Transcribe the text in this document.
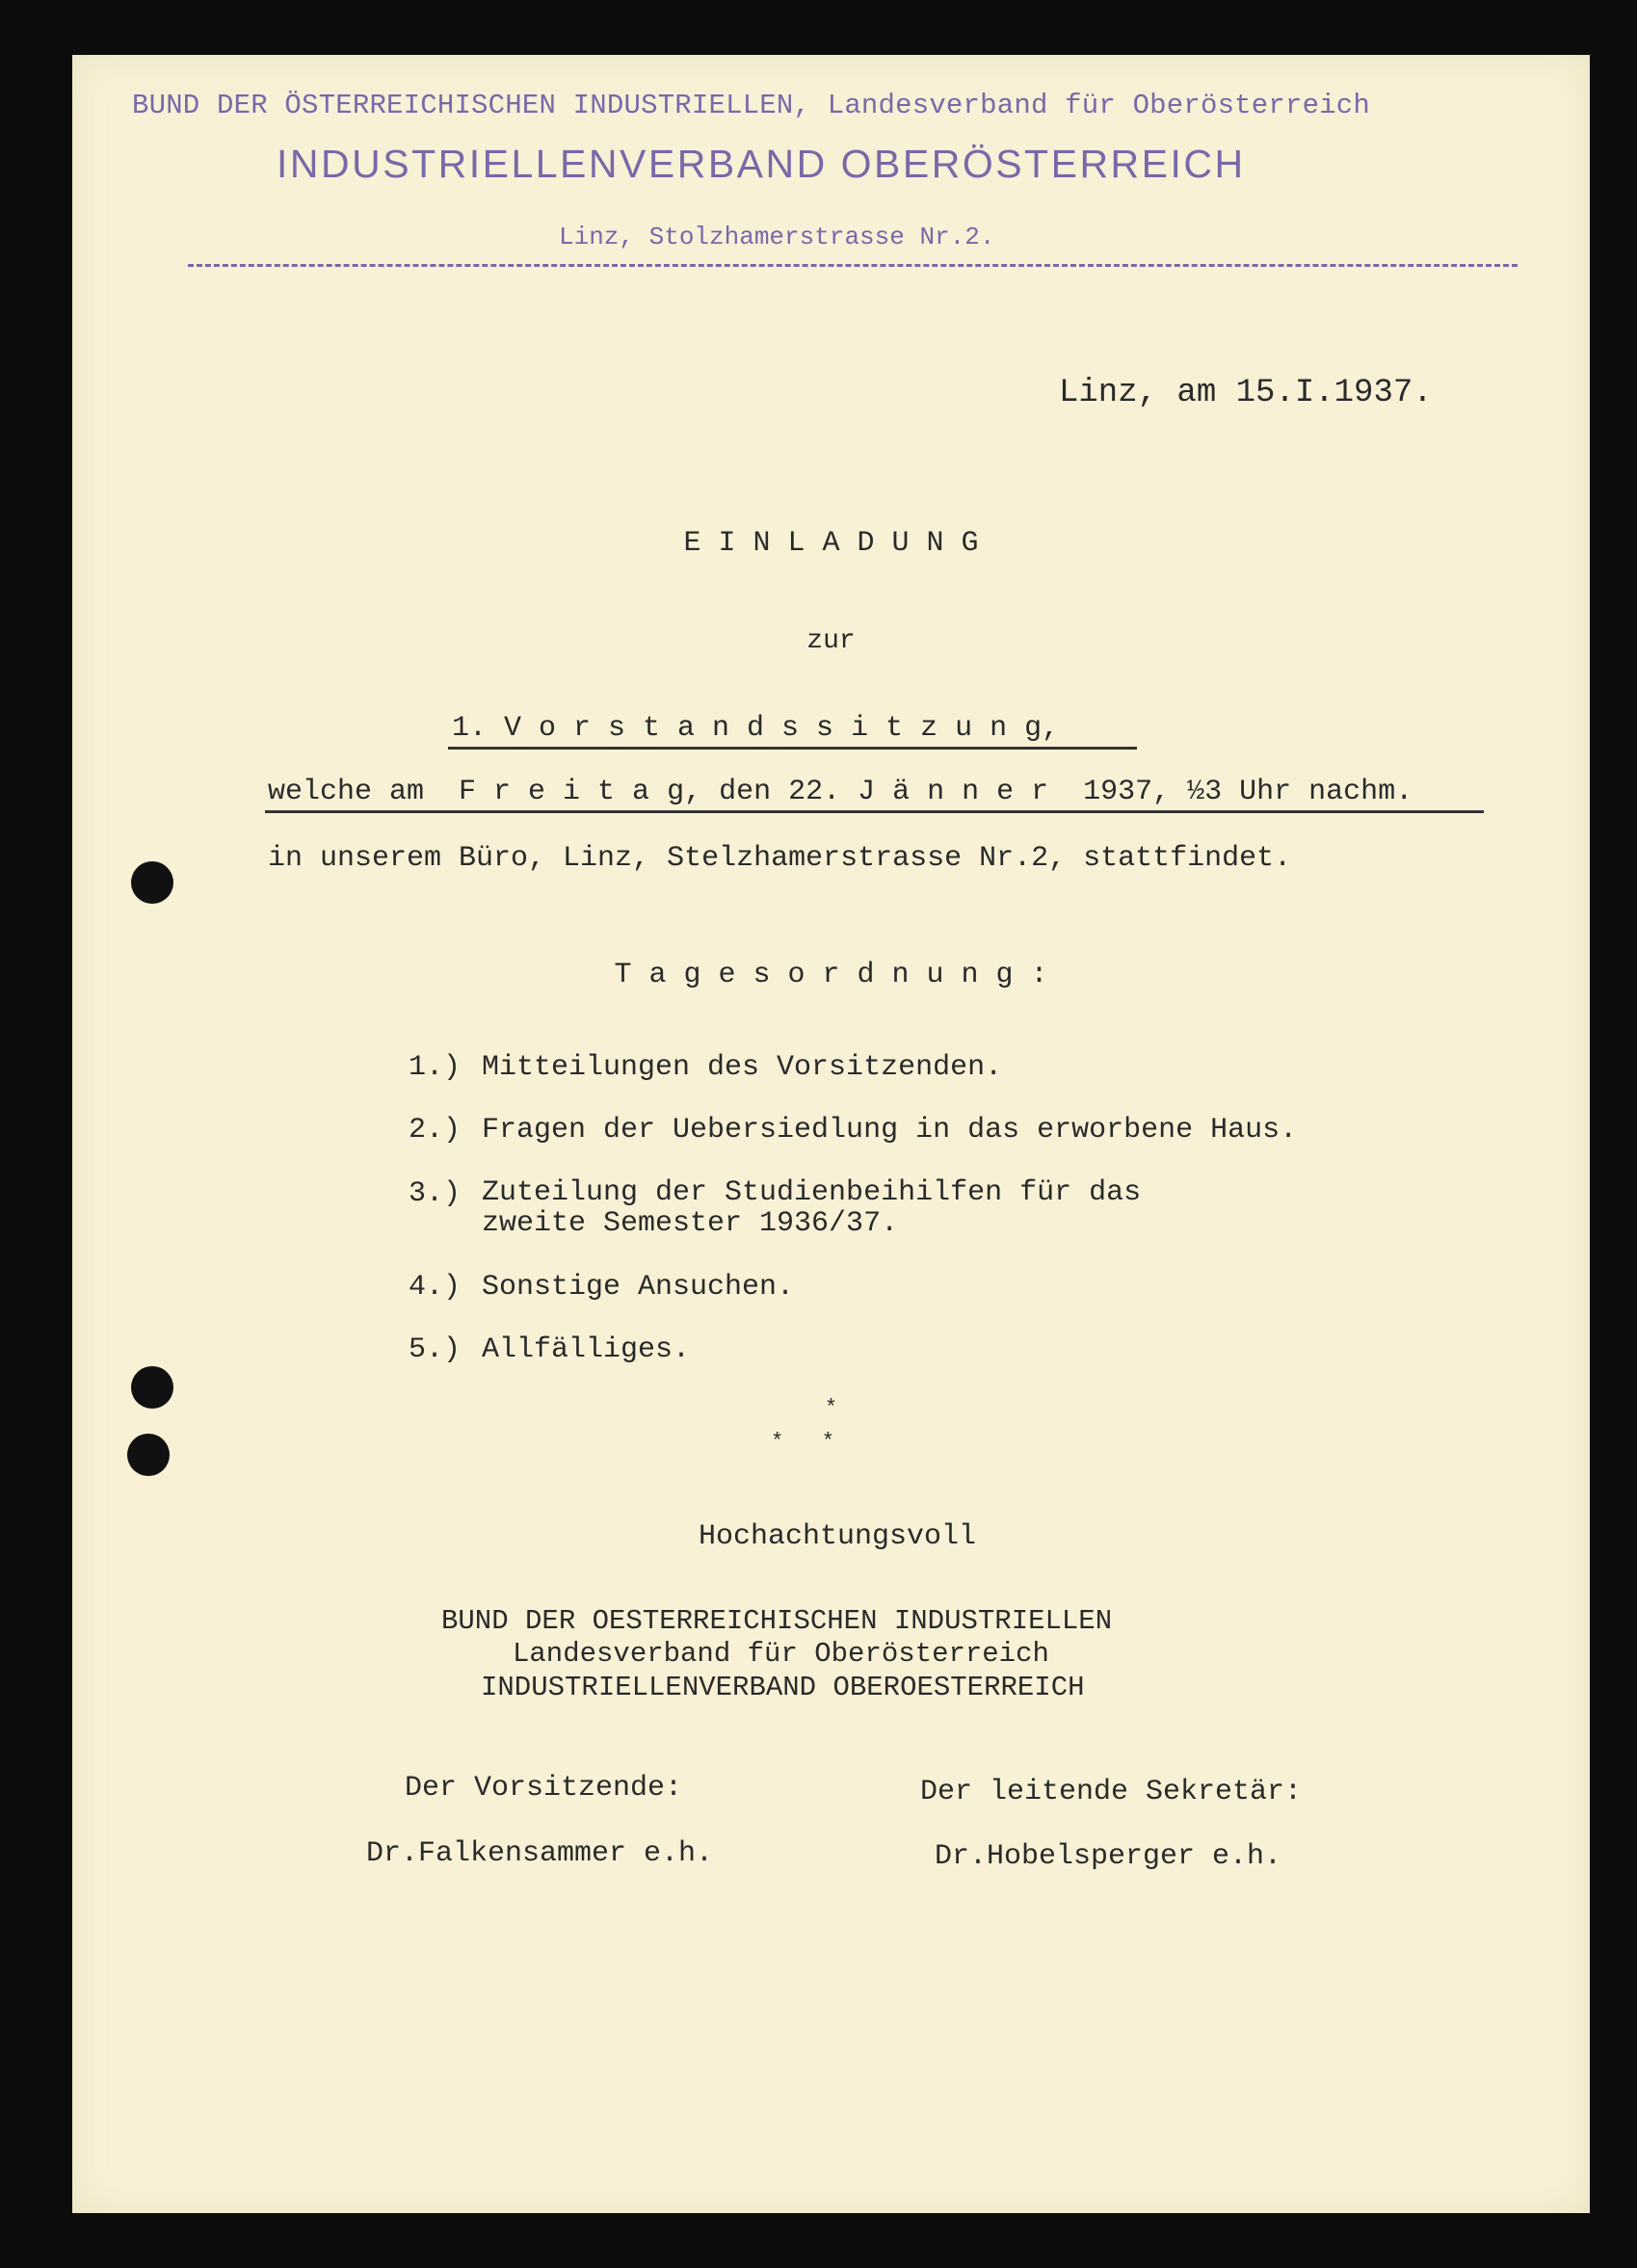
BUND DER ÖSTERREICHISCHEN INDUSTRIELLEN, Landesverband für Oberösterreich
INDUSTRIELLENVERBAND OBERÖSTERREICH
Linz, Stolzhamerstrasse Nr.2.
Linz, am 15.I.1937.
E I N L A D U N G
zur
1. V o r s t a n d s s i t z u n g,
welche am  F r e i t a g, den 22. J ä n n e r  1937, ½3 Uhr nachm.
in unserem Büro, Linz, Stelzhamerstrasse Nr.2, stattfindet.
T a g e s o r d n u n g :
1.) Mitteilungen des Vorsitzenden.
2.) Fragen der Uebersiedlung in das erworbene Haus.
3.) Zuteilung der Studienbeihilfen für das
zweite Semester 1936/37.
4.) Sonstige Ansuchen.
5.) Allfälliges.
*
*   *
Hochachtungsvoll
BUND DER OESTERREICHISCHEN INDUSTRIELLEN
Landesverband für Oberösterreich
INDUSTRIELLENVERBAND OBEROESTERREICH
Der Vorsitzende:
Dr.Falkensammer e.h.
Der leitende Sekretär:
Dr.Hobelsperger e.h.
